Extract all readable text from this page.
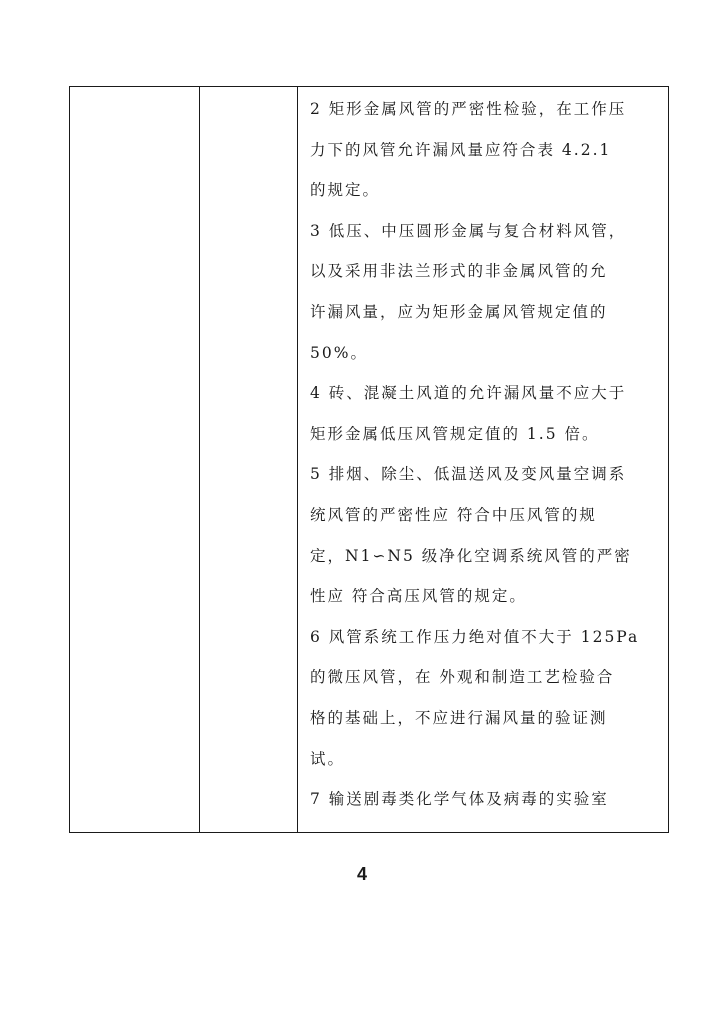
2 矩形金属风管的严密性检验，在工作压

力下的风管允许漏风量应符合表 4.2.1

的规定。

3 低压、中压圆形金属与复合材料风管，

以及采用非法兰形式的非金属风管的允

许漏风量，应为矩形金属风管规定值的

50%。

4 砖、混凝土风道的允许漏风量不应大于

矩形金属低压风管规定值的 1.5 倍。

5 排烟、除尘、低温送风及变风量空调系

统风管的严密性应 符合中压风管的规

定，N1∽N5 级净化空调系统风管的严密

性应 符合高压风管的规定。

6 风管系统工作压力绝对值不大于 125Pa

的微压风管，在 外观和制造工艺检验合

格的基础上，不应进行漏风量的验证测

试。

7 输送剧毒类化学气体及病毒的实验室

4
